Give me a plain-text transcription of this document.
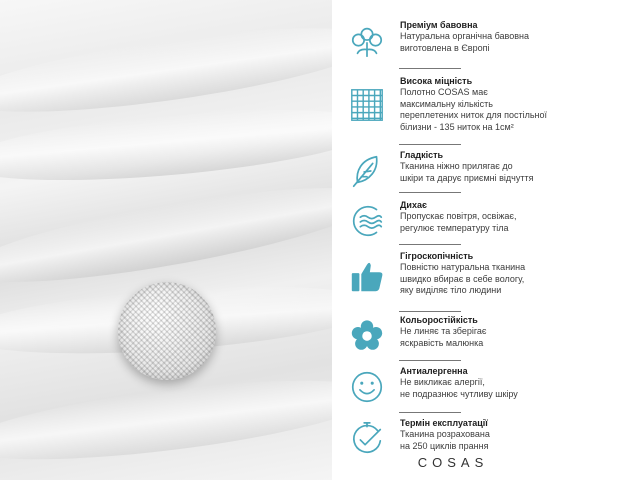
Преміум бавовна
Натуральна органічна бавовна
виготовлена в Європі
Висока міцність
Полотно COSAS має
максимальну кількість
переплетених ниток для постільної
білизни - 135 ниток на 1см²
Гладкість
Тканина ніжно прилягає до
шкіри та дарує приємні відчуття
Дихає
Пропускає повітря, освіжає,
регулює температуру тіла
Гігроскопічність
Повністю натуральна тканина
швидко вбирає в себе вологу,
яку виділяє тіло людини
Кольоростійкість
Не линяє та зберігає
яскравість малюнка
Антиалергенна
Не викликає алергії,
не подразнює чутливу шкіру
Термін експлуатації
Тканина розрахована
на 250 циклів прання
COSAS
